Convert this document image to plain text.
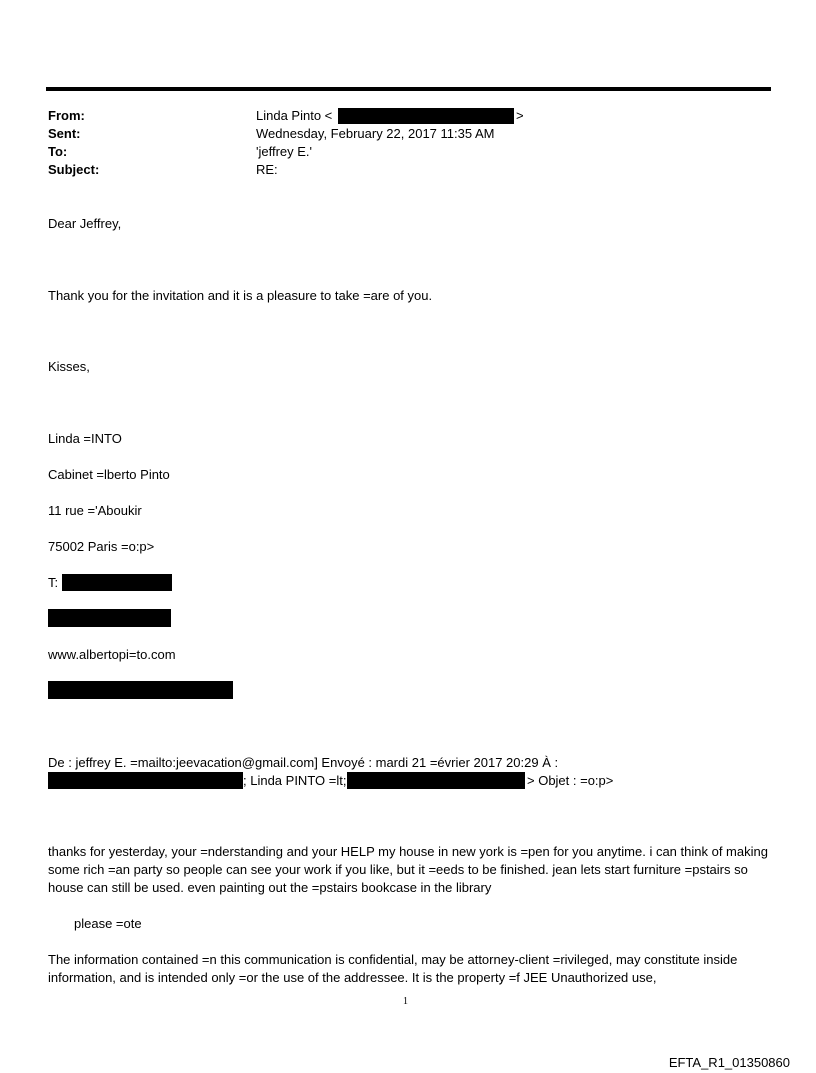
From:	Linda Pinto <	>
Sent:	Wednesday, February 22, 2017 11:35 AM
To:	'jeffrey E.'
Subject:	RE:
Dear Jeffrey,
Thank you for the invitation and it is a pleasure to take =are of you.
Kisses,
Linda =INTO
Cabinet =lberto Pinto
11 rue ='Aboukir
75002 Paris =o:p>
T:
www.albertopi=to.com
De : jeffrey E. =mailto:jeevacation@gmail.com] Envoyé : mardi 21 =évrier 2017 20:29 À :
; Linda PINTO =lt;	> Objet : =o:p>
thanks for yesterday, your =nderstanding and your HELP my house in new york is =pen for you anytime. i can think of making some rich =an party so people can see your work if you like, but it =eeds to be finished. jean lets start furniture =pstairs so house can still be used. even painting out the =pstairs bookcase in the library
please =ote
The information contained =n this communication is confidential, may be attorney-client =rivileged, may constitute inside information, and is intended only =or the use of the addressee. It is the property =f JEE Unauthorized use,
1
EFTA_R1_01350860
